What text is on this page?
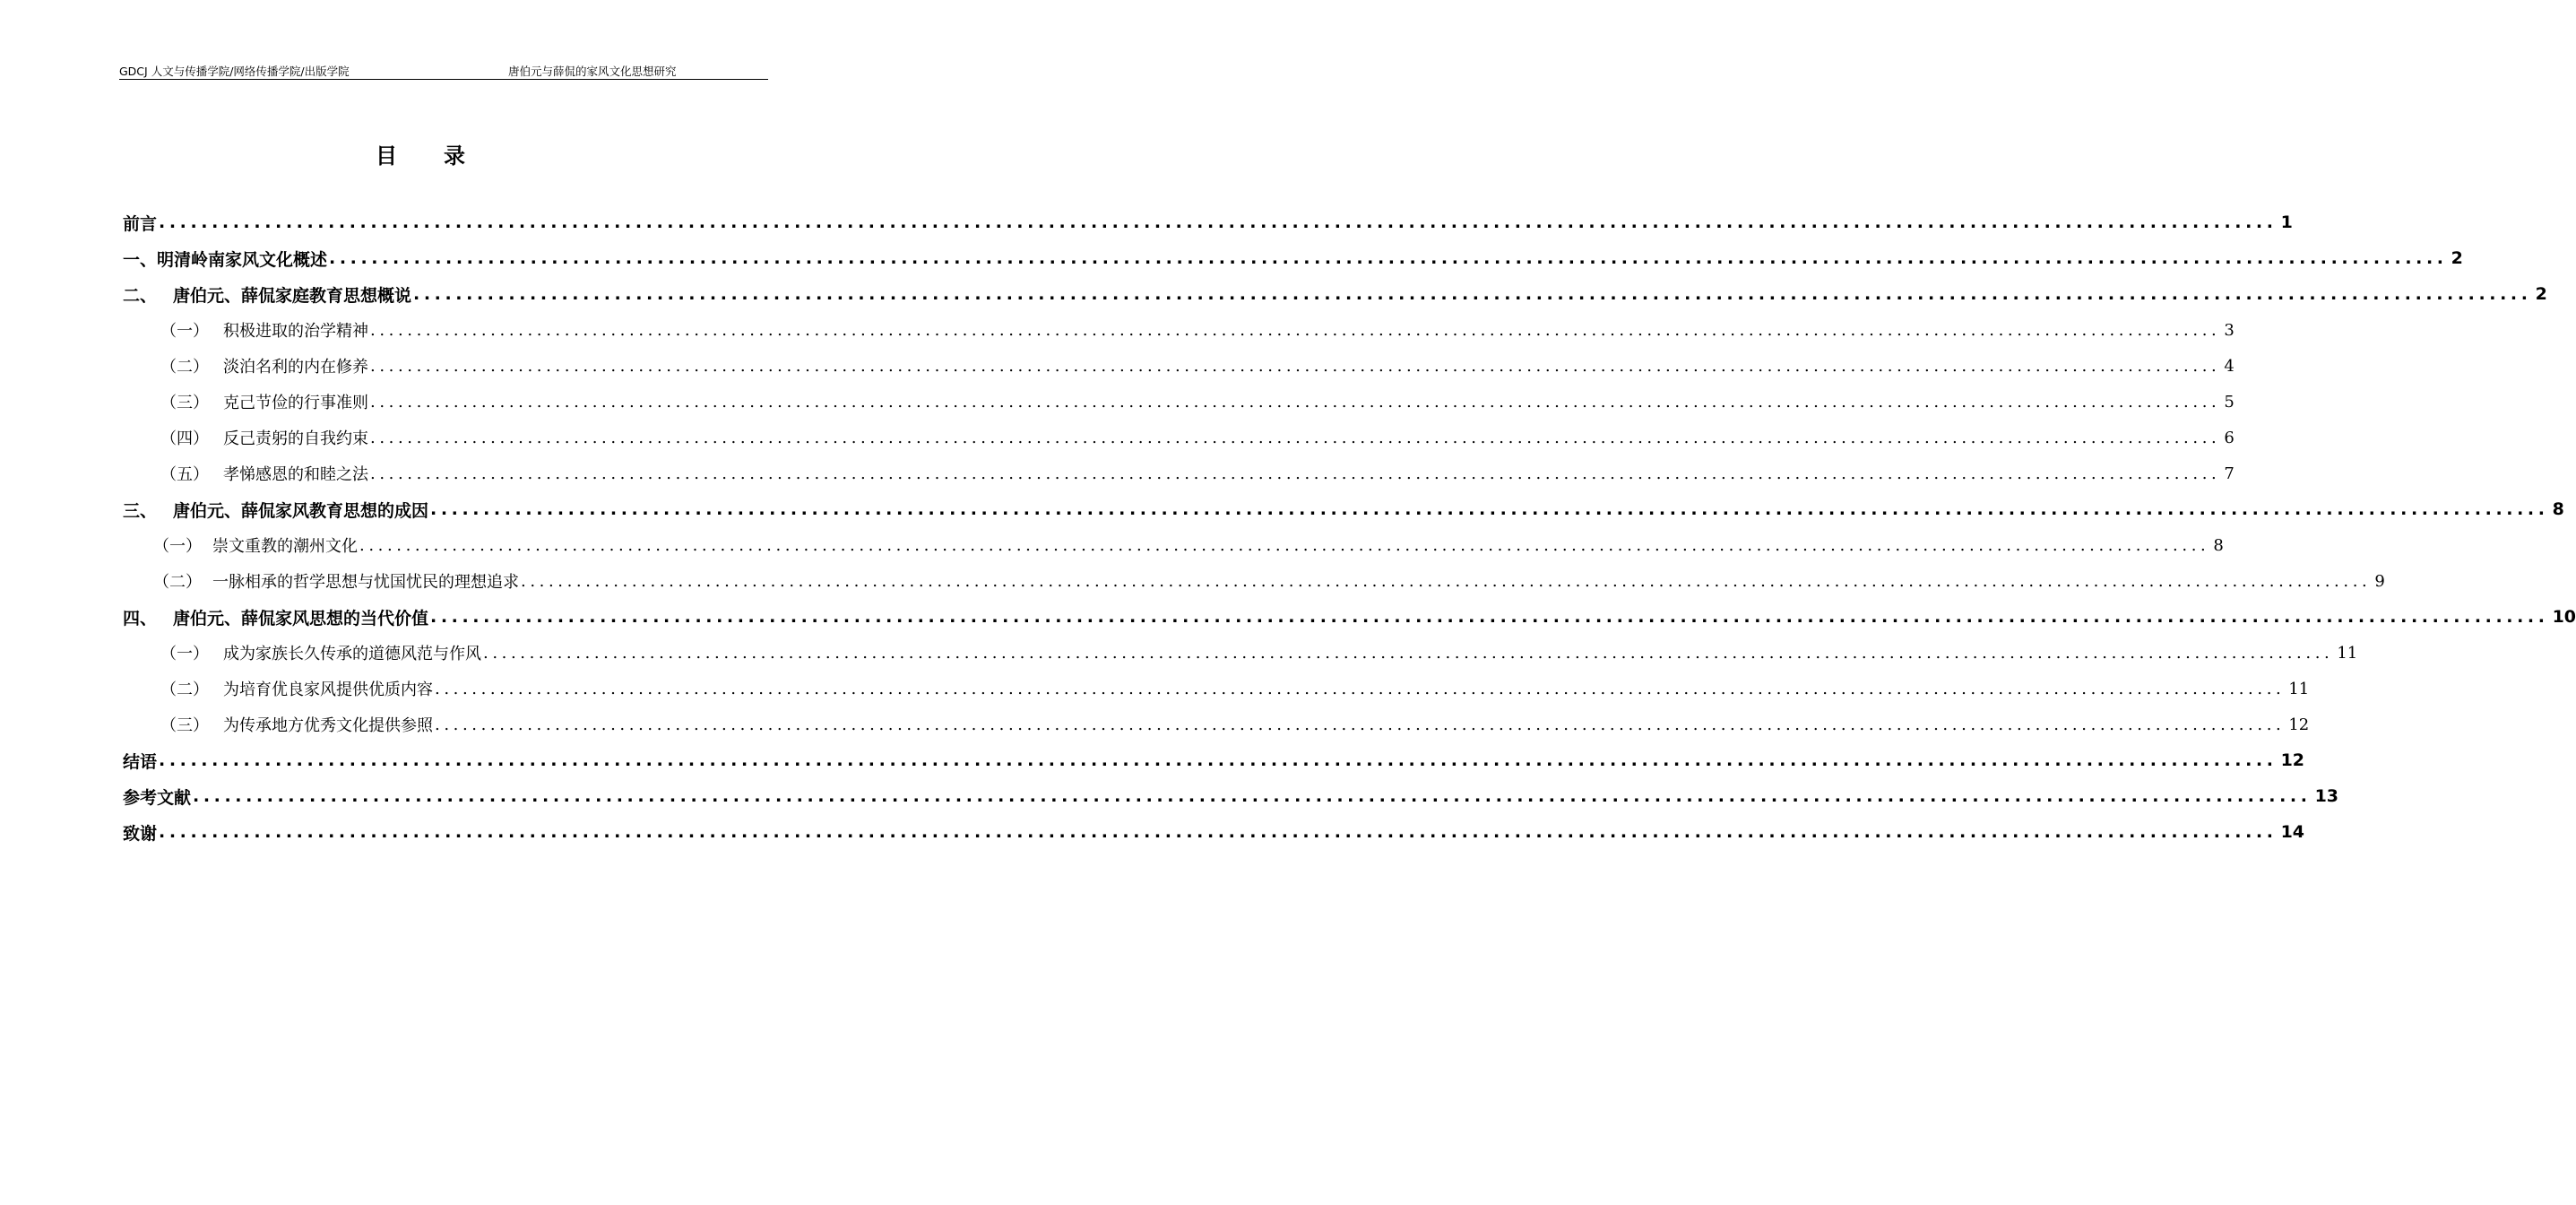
GDCJ 人文与传播学院/网络传播学院/出版学院	唐伯元与薛侃的家风文化思想研究
目录
前言 ........................................................................................................................................................................................................ 1
一、 明清岭南家风文化概述 ........................................................................................................................................................................................................ 2
二、 唐伯元、薛侃家庭教育思想概说 ........................................................................................................................................................................................................ 2
（一） 积极进取的治学精神 ........................................................................................................................................................................................................ 3
（二） 淡泊名利的内在修养 ........................................................................................................................................................................................................ 4
（三） 克己节俭的行事准则 ........................................................................................................................................................................................................ 5
（四） 反己责躬的自我约束 ........................................................................................................................................................................................................ 6
（五） 孝悌感恩的和睦之法 ........................................................................................................................................................................................................ 7
三、 唐伯元、薛侃家风教育思想的成因 ........................................................................................................................................................................................................ 8
（一） 崇文重教的潮州文化 ........................................................................................................................................................................................................ 8
（二） 一脉相承的哲学思想与忧国忧民的理想追求 ........................................................................................................................................................................................................ 9
四、 唐伯元、薛侃家风思想的当代价值 ........................................................................................................................................................................................................ 10
（一） 成为家族长久传承的道德风范与作风 ........................................................................................................................................................................................................ 11
（二） 为培育优良家风提供优质内容 ........................................................................................................................................................................................................ 11
（三） 为传承地方优秀文化提供参照 ........................................................................................................................................................................................................ 12
结语 ........................................................................................................................................................................................................ 12
参考文献 ........................................................................................................................................................................................................ 13
致谢 ........................................................................................................................................................................................................ 14
